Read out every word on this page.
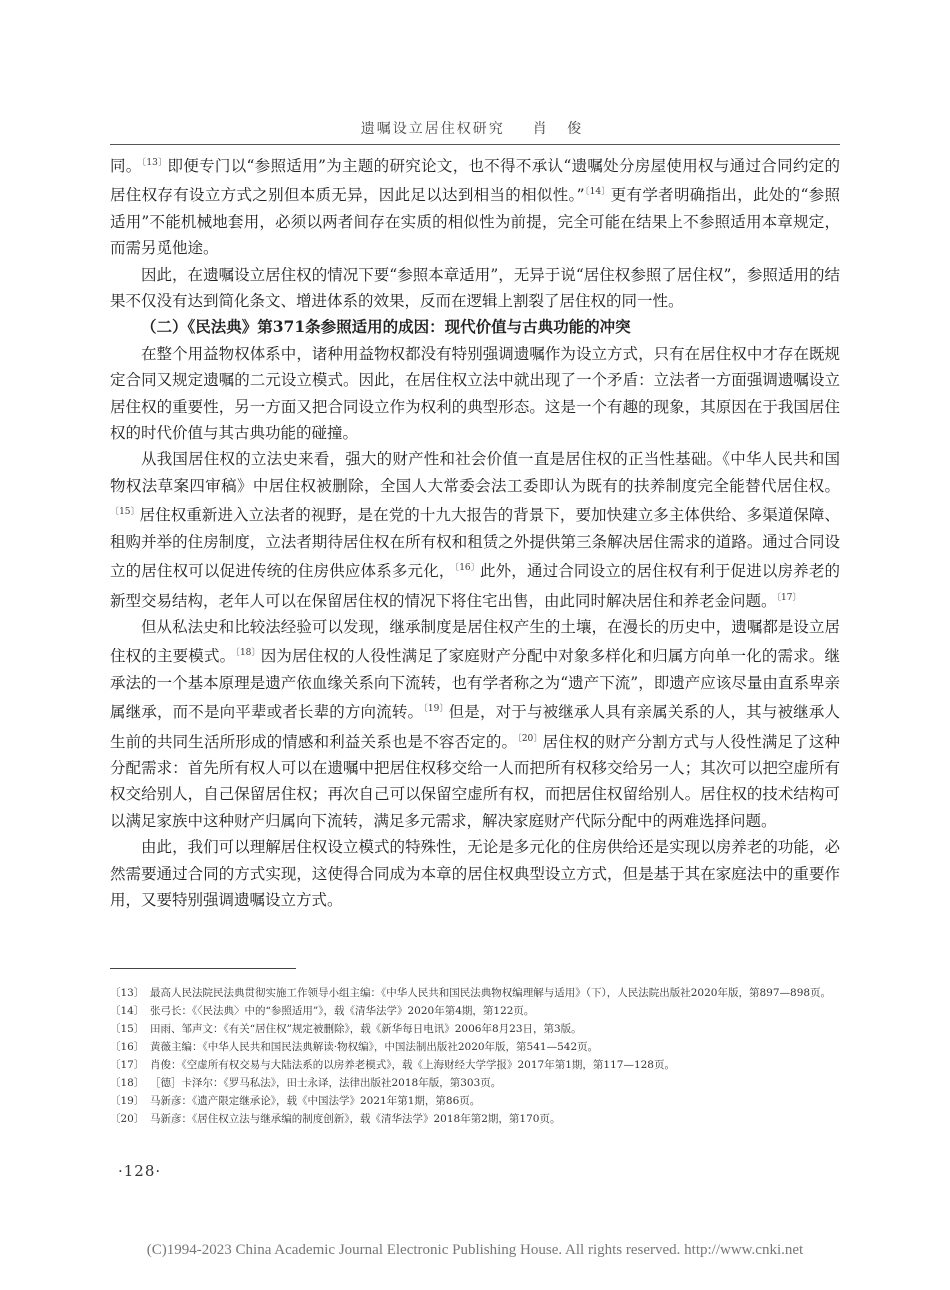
遗嘱设立居住权研究 肖 俊

同。$^{〔13〕}$即便专门以“参照适用”为主题的研究论文，也不得不承认“遗嘱处分房屋使用权与通过合同约定的居住权存有设立方式之别但本质无异，因此足以达到相当的相似性。”$^{〔14〕}$更有学者明确指出，此处的“参照适用”不能机械地套用，必须以两者间存在实质的相似性为前提，完全可能在结果上不参照适用本章规定，而需另觅他途。

因此，在遗嘱设立居住权的情况下要“参照本章适用”，无异于说“居住权参照了居住权”，参照适用的结果不仅没有达到简化条文、增进体系的效果，反而在逻辑上割裂了居住权的同一性。

（二）《民法典》第371条参照适用的成因：现代价值与古典功能的冲突

在整个用益物权体系中，诸种用益物权都没有特别强调遗嘱作为设立方式，只有在居住权中才存在既规定合同又规定遗嘱的二元设立模式。因此，在居住权立法中就出现了一个矛盾：立法者一方面强调遗嘱设立居住权的重要性，另一方面又把合同设立作为权利的典型形态。这是一个有趣的现象，其原因在于我国居住权的时代价值与其古典功能的碰撞。

从我国居住权的立法史来看，强大的财产性和社会价值一直是居住权的正当性基础。《中华人民共和国物权法草案四审稿》中居住权被删除，全国人大常委会法工委即认为既有的扶养制度完全能替代居住权。$^{〔15〕}$居住权重新进入立法者的视野，是在党的十九大报告的背景下，要加快建立多主体供给、多渠道保障、租购并举的住房制度，立法者期待居住权在所有权和租赁之外提供第三条解决居住需求的道路。通过合同设立的居住权可以促进传统的住房供应体系多元化，$^{〔16〕}$此外，通过合同设立的居住权有利于促进以房养老的新型交易结构，老年人可以在保留居住权的情况下将住宅出售，由此同时解决居住和养老金问题。$^{〔17〕}$

但从私法史和比较法经验可以发现，继承制度是居住权产生的土壤，在漫长的历史中，遗嘱都是设立居住权的主要模式。$^{〔18〕}$因为居住权的人役性满足了家庭财产分配中对象多样化和归属方向单一化的需求。继承法的一个基本原理是遗产依血缘关系向下流转，也有学者称之为“遗产下流”，即遗产应该尽量由直系卑亲属继承，而不是向平辈或者长辈的方向流转。$^{〔19〕}$但是，对于与被继承人具有亲属关系的人，其与被继承人生前的共同生活所形成的情感和利益关系也是不容否定的。$^{〔20〕}$居住权的财产分割方式与人役性满足了这种分配需求：首先所有权人可以在遗嘱中把居住权移交给一人而把所有权移交给另一人；其次可以把空虚所有权交给别人，自己保留居住权；再次自己可以保留空虚所有权，而把居住权留给别人。居住权的技术结构可以满足家族中这种财产归属向下流转，满足多元需求，解决家庭财产代际分配中的两难选择问题。

由此，我们可以理解居住权设立模式的特殊性，无论是多元化的住房供给还是实现以房养老的功能，必然需要通过合同的方式实现，这使得合同成为本章的居住权典型设立方式，但是基于其在家庭法中的重要作用，又要特别强调遗嘱设立方式。

〔13〕 最高人民法院民法典贯彻实施工作领导小组主编：《中华人民共和国民法典物权编理解与适用》（下），人民法院出版社2020年版，第897—898页。
〔14〕 张弓长：《〈民法典〉中的“参照适用”》，载《清华法学》2020年第4期，第122页。
〔15〕 田雨、邹声文：《有关“居住权”规定被删除》，载《新华每日电讯》2006年8月23日，第3版。
〔16〕 黄薇主编：《中华人民共和国民法典解读·物权编》，中国法制出版社2020年版，第541—542页。
〔17〕 肖俊：《空虚所有权交易与大陆法系的以房养老模式》，载《上海财经大学学报》2017年第1期，第117—128页。
〔18〕 ［德］卡泽尔：《罗马私法》，田士永译，法律出版社2018年版，第303页。
〔19〕 马新彦：《遗产限定继承论》，载《中国法学》2021年第1期，第86页。
〔20〕 马新彦：《居住权立法与继承编的制度创新》，载《清华法学》2018年第2期，第170页。
·128·
(C)1994-2023 China Academic Journal Electronic Publishing House. All rights reserved. http://www.cnki.net
